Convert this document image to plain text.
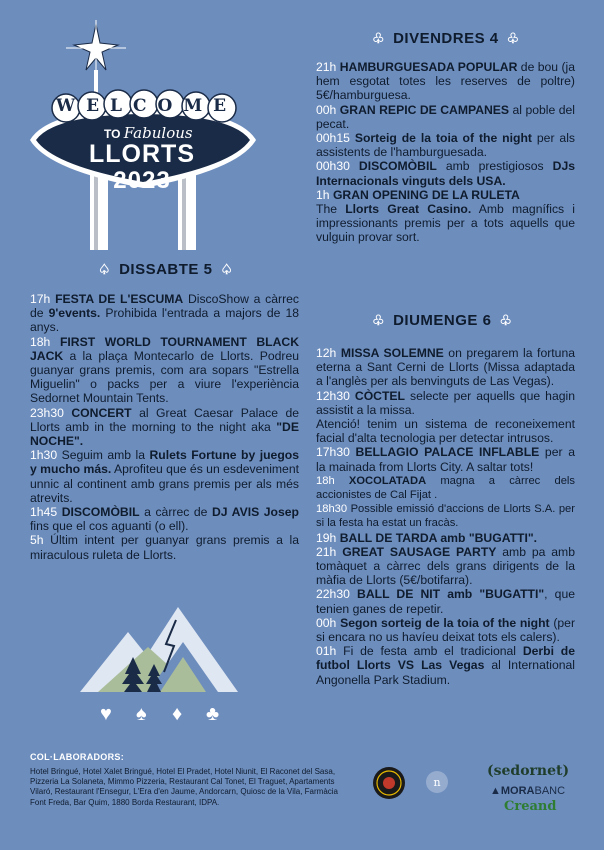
WELCOME
TO Fabulous
LLORTS
2023
♧ DIVENDRES 4 ♧

21h HAMBURGUESADA POPULAR de bou (ja hem esgotat totes les reserves de poltre) 5€/hamburguesa.

00h GRAN REPIC DE CAMPANES al poble del pecat.

00h15 Sorteig de la toia of the night per als assistents de l'hamburguesada.

00h30 DISCOMÒBIL amb prestigiosos DJs Internacionals vinguts dels USA.

1h GRAN OPENING DE LA RULETA
The Llorts Great Casino. Amb magnífics i impressionants premis per a tots aquells que vulguin provar sort.

♤ DISSABTE 5 ♤

17h FESTA DE L'ESCUMA DiscoShow a càrrec de 9'events. Prohibida l'entrada a majors de 18 anys.

18h FIRST WORLD TOURNAMENT BLACK JACK a la plaça Montecarlo de Llorts. Podreu guanyar grans premis, com ara sopars "Estrella Miguelin" o packs per a viure l'experiència Sedornet Mountain Tents.

23h30 CONCERT al Great Caesar Palace de Llorts amb in the morning to the night aka "DE NOCHE".

1h30 Seguim amb la Rulets Fortune by juegos y mucho más. Aprofiteu que és un esdeveniment unnic al continent amb grans premis per als més atrevits.

1h45 DISCOMÒBIL a càrrec de DJ AVIS Josep fins que el cos aguanti (o ell).

5h Últim intent per guanyar grans premis a la miraculous ruleta de Llorts.

♥ ♠ ♦ ♣
♧ DIUMENGE 6 ♧

12h MISSA SOLEMNE on pregarem la fortuna eterna a Sant Cerni de Llorts (Missa adaptada a l'anglès per als benvinguts de Las Vegas).

12h30 CÒCTEL selecte per aquells que hagin assistit a la missa.
Atenció! tenim un sistema de reconeixement facial d'alta tecnologia per detectar intrusos.

17h30 BELLAGIO PALACE INFLABLE per a la mainada from Llorts City. A saltar tots!

18h XOCOLATADA magna a càrrec dels accionistes de Cal Fijat .

18h30 Possible emissió d'accions de Llorts S.A. per si la festa ha estat un fracàs.

19h BALL DE TARDA amb "BUGATTI".

21h GREAT SAUSAGE PARTY amb pa amb tomàquet a càrrec dels grans dirigents de la màfia de Llorts (5€/botifarra).

22h30 BALL DE NIT amb "BUGATTI", que tenien ganes de repetir.

00h Segon sorteig de la toia of the night (per si encara no us havíeu deixat tots els calers).

01h Fi de festa amb el tradicional Derbi de futbol Llorts VS Las Vegas al International Angonella Park Stadium.

COL·LABORADORS:
Hotel Bringué, Hotel Xalet Bringué, Hotel El Pradet, Hotel Niunit, El Raconet del Sasa, Pizzeria La Solaneta, Mimmo Pizzeria, Restaurant Cal Tonet, El Traguet, Apartaments Vilaró, Restaurant l'Ensegur, L'Era d'en Jaume, Andorcarn, Quiosc de la Vila, Farmàcia Font Freda, Bar Quim, 1880 Borda Restaurant, IDPA.
n
(sedornet)
▲MORABANC
Creand
